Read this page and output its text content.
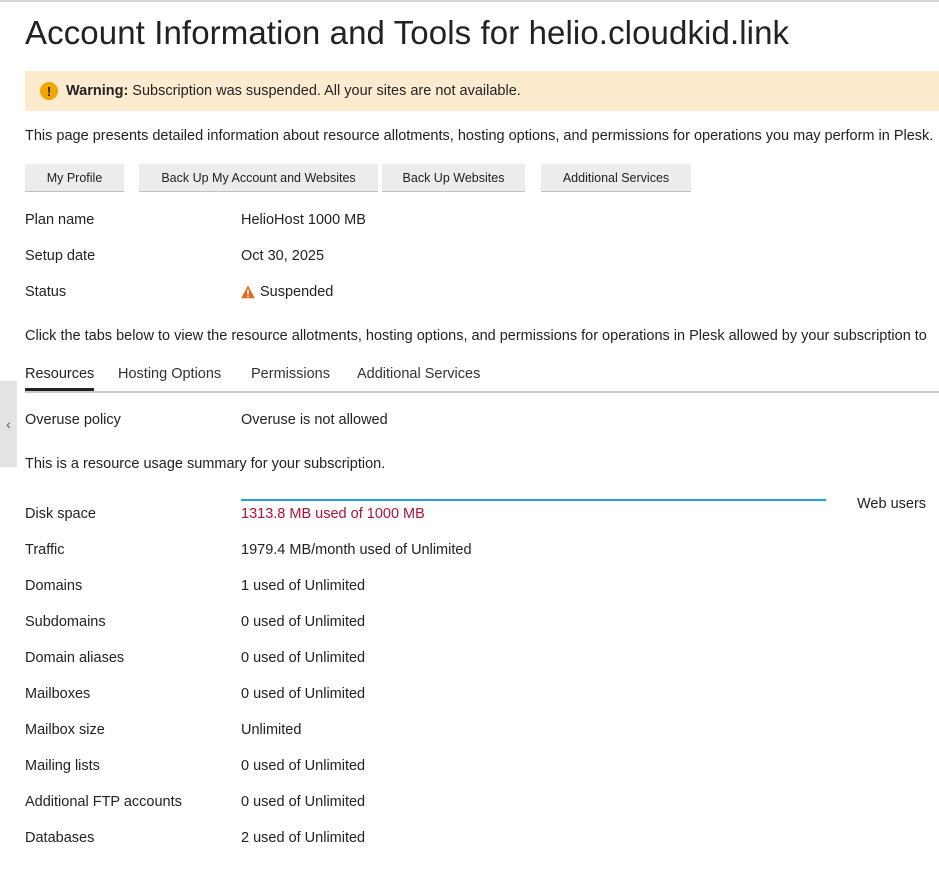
Account Information and Tools for helio.cloudkid.link
!	Warning: Subscription was suspended. All your sites are not available.
This page presents detailed information about resource allotments, hosting options, and permissions for operations you may perform in Plesk.
My Profile	Back Up My Account and Websites	Back Up Websites	Additional Services
Plan name	HelioHost 1000 MB
Setup date	Oct 30, 2025
Status	Suspended
Click the tabs below to view the resource allotments, hosting options, and permissions for operations in Plesk allowed by your subscription to
Resources Hosting Options Permissions Additional Services
‹ Overuse policy	Overuse is not allowed
This is a resource usage summary for your subscription.
Web users
Disk space	1313.8 MB used of 1000 MB
Traffic	1979.4 MB/month used of Unlimited
Domains	1 used of Unlimited
Subdomains	0 used of Unlimited
Domain aliases	0 used of Unlimited
Mailboxes	0 used of Unlimited
Mailbox size	Unlimited
Mailing lists	0 used of Unlimited
Additional FTP accounts	0 used of Unlimited
Databases	2 used of Unlimited
